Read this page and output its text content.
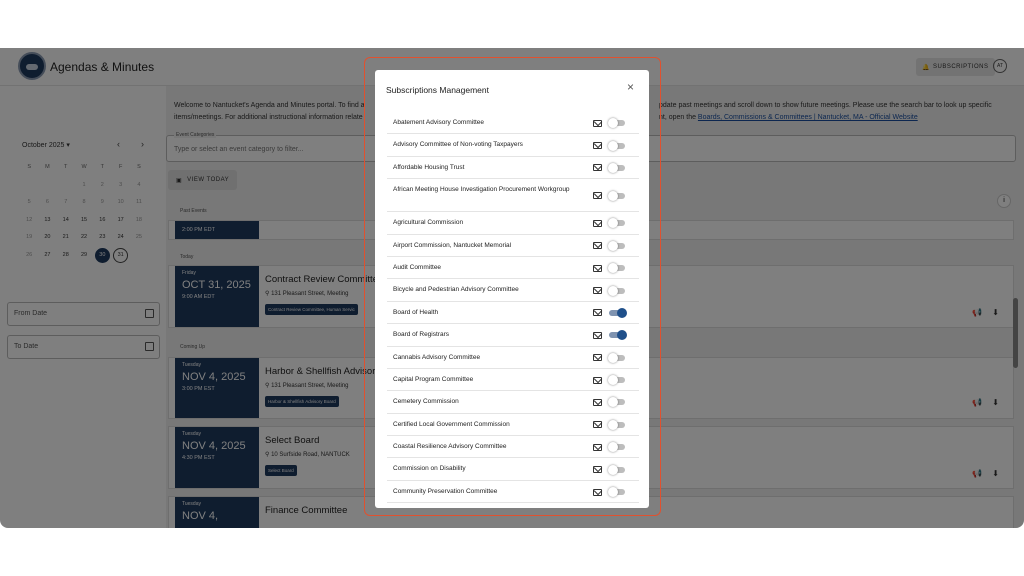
Subscriptions Management	×
Abatement Advisory Committee
Advisory Committee of Non-voting Taxpayers
Affordable Housing Trust
African Meeting House Investigation Procurement Workgroup
Agricultural Commission
Airport Commission, Nantucket Memorial
Audit Committee
Bicycle and Pedestrian Advisory Committee
Board of Health
Board of Registrars
Cannabis Advisory Committee
Capital Program Committee
Cemetery Commission
Certified Local Government Commission
Coastal Resilience Advisory Committee
Commission on Disability
Community Preservation Committee
